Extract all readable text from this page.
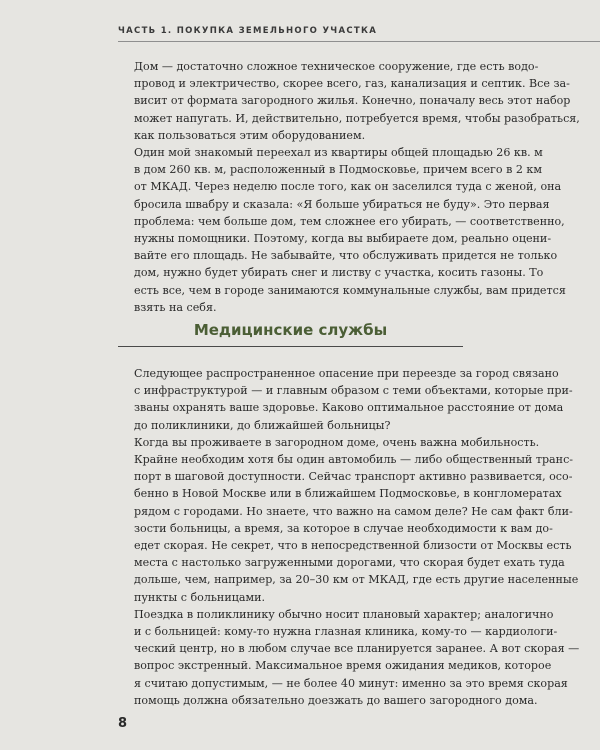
ЧАСТЬ 1. ПОКУПКА ЗЕМЕЛЬНОГО УЧАСТКА

Дом — достаточно сложное техническое сооружение, где есть водо-
провод и электричество, скорее всего, газ, канализация и септик. Все за-
висит от формата загородного жилья. Конечно, поначалу весь этот набор
может напугать. И, действительно, потребуется время, чтобы разобраться,
как пользоваться этим оборудованием.

Один мой знакомый переехал из квартиры общей площадью 26 кв. м
в дом 260 кв. м, расположенный в Подмосковье, причем всего в 2 км
от МКАД. Через неделю после того, как он заселился туда с женой, она
бросила швабру и сказала: «Я больше убираться не буду». Это первая
проблема: чем больше дом, тем сложнее его убирать, — соответственно,
нужны помощники. Поэтому, когда вы выбираете дом, реально оцени-
вайте его площадь. Не забывайте, что обслуживать придется не только
дом, нужно будет убирать снег и листву с участка, косить газоны. То
есть все, чем в городе занимаются коммунальные службы, вам придется
взять на себя.

Медицинские службы

Следующее распространенное опасение при переезде за город связано
с инфраструктурой — и главным образом с теми объектами, которые при-
званы охранять ваше здоровье. Каково оптимальное расстояние от дома
до поликлиники, до ближайшей больницы?

Когда вы проживаете в загородном доме, очень важна мобильность.
Крайне необходим хотя бы один автомобиль — либо общественный транс-
порт в шаговой доступности. Сейчас транспорт активно развивается, осо-
бенно в Новой Москве или в ближайшем Подмосковье, в конгломератах
рядом с городами. Но знаете, что важно на самом деле? Не сам факт бли-
зости больницы, а время, за которое в случае необходимости к вам до-
едет скорая. Не секрет, что в непосредственной близости от Москвы есть
места с настолько загруженными дорогами, что скорая будет ехать туда
дольше, чем, например, за 20–30 км от МКАД, где есть другие населенные
пункты с больницами.

Поездка в поликлинику обычно носит плановый характер; аналогично
и с больницей: кому-то нужна глазная клиника, кому-то — кардиологи-
ческий центр, но в любом случае все планируется заранее. А вот скорая —
вопрос экстренный. Максимальное время ожидания медиков, которое
я считаю допустимым, — не более 40 минут: именно за это время скорая
помощь должна обязательно доезжать до вашего загородного дома.

8
